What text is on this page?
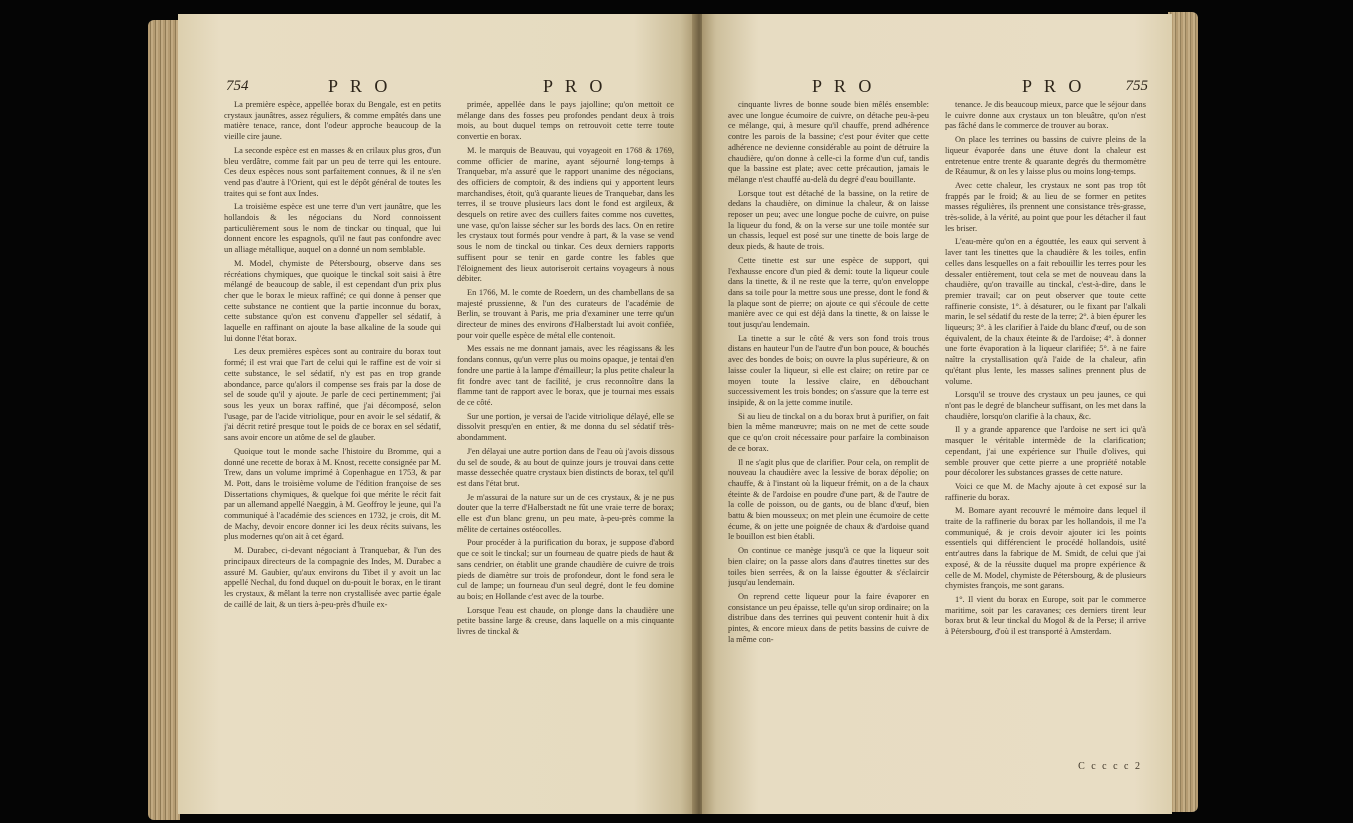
754	P R O	P R O

La première espèce, appellée borax du Bengale, est en petits crystaux jaunâtres, assez réguliers, & comme empâtés dans une matière tenace, rance, dont l'odeur approche beaucoup de la vieille cire jaune.

La seconde espèce est en masses & en crilaux plus gros, d'un bleu verdâtre, comme fait par un peu de terre qui les entoure. Ces deux espèces nous sont parfaitement connues, & il ne s'en vend pas d'autre à l'Orient, qui est le dépôt général de toutes les traites qui se font aux Indes.

La troisième espèce est une terre d'un vert jaunâtre, que les hollandois & les négocians du Nord connoissent particulièrement sous le nom de tinckar ou tinqual, que lui donnent encore les espagnols, qu'il ne faut pas confondre avec un alliage métallique, auquel on a donné un nom semblable.

M. Model, chymiste de Pétersbourg, observe dans ses récréations chymiques, que quoique le tinckal soit saisi à être mélangé de beaucoup de sable, il est cependant d'un prix plus cher que le borax le mieux raffiné; ce qui donne à penser que cette substance ne contient que la partie inconnue du borax, cette substance qu'on est convenu d'appeller sel sédatif, à laquelle en raffinant on ajoute la base alkaline de la soude qui lui donne l'état borax.

Les deux premières espèces sont au contraire du borax tout formé; il est vrai que l'art de celui qui le raffine est de voir si cette substance, le sel sédatif, n'y est pas en trop grande abondance, parce qu'alors il compense ses frais par la dose de sel de soude qu'il y ajoute. Je parle de ceci pertinemment; j'ai sous les yeux un borax raffiné, que j'ai décomposé, selon l'usage, par de l'acide vitriolique, pour en avoir le sel sédatif, & j'ai décrit retiré presque tout le poids de ce borax en sel sédatif, sans avoir encore un atôme de sel de glauber.

Quoique tout le monde sache l'histoire du Bromme, qui a donné une recette de borax à M. Knost, recette consignée par M. Trew, dans un volume imprimé à Copenhague en 1753, & par M. Pott, dans le troisième volume de l'édition françoise de ses Dissertations chymiques, & quelque foi que mérite le récit fait par un allemand appellé Naeggin, à M. Geoffroy le jeune, qui l'a communiqué à l'académie des sciences en 1732, je crois, dit M. de Machy, devoir encore donner ici les deux récits suivans, les plus modernes qu'on ait à cet égard.

M. Durabec, ci-devant négociant à Tranquebar, & l'un des principaux directeurs de la compagnie des Indes, M. Durabec a assuré M. Gaubier, qu'aux environs du Tibet il y avoit un lac appellé Nechal, du fond duquel on du-pouit le borax, en le tirant les crystaux, & mêlant la terre non crystallisée avec partie égale de caillé de lait, & un tiers à-peu-près d'huile ex-

primée, appellée dans le pays jajolline; qu'on mettoit ce mélange dans des fosses peu profondes pendant deux à trois mois, au bout duquel temps on retrouvoit cette terre toute convertie en borax.

M. le marquis de Beauvau, qui voyageoit en 1768 & 1769, comme officier de marine, ayant séjourné long-temps à Tranquebar, m'a assuré que le rapport unanime des négocians, des officiers de comptoir, & des indiens qui y apportent leurs marchandises, étoit, qu'à quarante lieues de Tranquebar, dans les terres, il se trouve plusieurs lacs dont le fond est argileux, & desquels on retire avec des cuillers faites comme nos cuvettes, une vase, qu'on laisse sécher sur les bords des lacs. On en retire les crystaux tout formés pour vendre à part, & la vase se vend sous le nom de tinckal ou tinkar. Ces deux derniers rapports suffisent pour se tenir en garde contre les fables que l'éloignement des lieux autoriseroit certains voyageurs à nous débiter.

En 1766, M. le comte de Roedern, un des chambellans de sa majesté prussienne, & l'un des curateurs de l'académie de Berlin, se trouvant à Paris, me pria d'examiner une terre qu'un directeur de mines des environs d'Halberstadt lui avoit confiée, pour voir quelle espèce de métal elle contenoit.

Mes essais ne me donnant jamais, avec les réagissans & les fondans connus, qu'un verre plus ou moins opaque, je tentai d'en fondre une partie à la lampe d'émailleur; la plus petite chaleur la fit fondre avec tant de facilité, je crus reconnoître dans la flamme tant de rapport avec le borax, que je tournai mes essais de ce côté.

Sur une portion, je versai de l'acide vitriolique délayé, elle se dissolvit presqu'en en entier, & me donna du sel sédatif très-abondamment.

J'en délayai une autre portion dans de l'eau où j'avois dissous du sel de soude, & au bout de quinze jours je trouvai dans cette masse dessechée quatre crystaux bien distincts de borax, tel qu'il est dans l'état brut.

Je m'assurai de la nature sur un de ces crystaux, & je ne pus douter que la terre d'Halberstadt ne fût une vraie terre de borax; elle est d'un blanc grenu, un peu mate, à-peu-près comme la mêlite de certaines ostéocolles.

Pour procéder à la purification du borax, je suppose d'abord que ce soit le tinckal; sur un fourneau de quatre pieds de haut & sans cendrier, on établit une grande chaudière de cuivre de trois pieds de diamètre sur trois de profondeur, dont le fond sera le cul de lampe; un fourneau d'un seul degré, dont le feu domine au bois; en Hollande c'est avec de la tourbe.

Lorsque l'eau est chaude, on plonge dans la chaudière une petite bassine large & creuse, dans laquelle on a mis cinquante livres de tinckal &

P R O	P R O	755

cinquante livres de bonne soude bien mêlés ensemble: avec une longue écumoire de cuivre, on détache peu-à-peu ce mélange, qui, à mesure qu'il chauffe, prend adhérence contre les parois de la bassine; c'est pour éviter que cette adhérence ne devienne considérable au point de détruire la chaudière, qu'on donne à celle-ci la forme d'un cuf, tandis que la bassine est plate; avec cette précaution, jamais le mélange n'est chauffé au-delà du degré d'eau bouillante.

Lorsque tout est détaché de la bassine, on la retire de dedans la chaudière, on diminue la chaleur, & on laisse reposer un peu; avec une longue poche de cuivre, on puise la liqueur du fond, & on la verse sur une toile montée sur un chassis, lequel est posé sur une tinette de bois large de deux pieds, & haute de trois.

Cette tinette est sur une espèce de support, qui l'exhausse encore d'un pied & demi: toute la liqueur coule dans la tinette, & il ne reste que la terre, qu'on enveloppe dans sa toile pour la mettre sous une presse, dont le fond & la plaque sont de pierre; on ajoute ce qui s'écoule de cette manière avec ce qui est déjà dans la tinette, & on laisse le tout jusqu'au lendemain.

La tinette a sur le côté & vers son fond trois trous distans en hauteur l'un de l'autre d'un bon pouce, & bouchés avec des bondes de bois; on ouvre la plus supérieure, & on laisse couler la liqueur, si elle est claire; on retire par ce moyen toute la lessive claire, en débouchant successivement les trois bondes; on s'assure que la terre est insipide, & on la jette comme inutile.

Si au lieu de tinckal on a du borax brut à purifier, on fait bien la même manœuvre; mais on ne met de cette soude que ce qu'on croit nécessaire pour parfaire la combinaison de ce borax.

Il ne s'agit plus que de clarifier. Pour cela, on remplit de nouveau la chaudière avec la lessive de borax dépolie; on chauffe, & à l'instant où la liqueur frémit, on a de la chaux éteinte & de l'ardoise en poudre d'une part, & de l'autre de la colle de poisson, ou de gants, ou de blanc d'œuf, bien battu & bien mousseux; on met plein une écumoire de cette écume, & on jette une poignée de chaux & d'ardoise quand le bouillon est bien établi.

On continue ce manège jusqu'à ce que la liqueur soit bien claire; on la passe alors dans d'autres tinettes sur des toiles bien serrées, & on la laisse égoutter & s'éclaircir jusqu'au lendemain.

On reprend cette liqueur pour la faire évaporer en consistance un peu épaisse, telle qu'un sirop ordinaire; on la distribue dans des terrines qui peuvent contenir huit à dix pintes, & encore mieux dans de petits bassins de cuivre de la même con-

tenance. Je dis beaucoup mieux, parce que le séjour dans le cuivre donne aux crystaux un ton bleuâtre, qu'on n'est pas fâché dans le commerce de trouver au borax.

On place les terrines ou bassins de cuivre pleins de la liqueur évaporée dans une étuve dont la chaleur est entretenue entre trente & quarante degrés du thermomètre de Réaumur, & on les y laisse plus ou moins long-temps.

Avec cette chaleur, les crystaux ne sont pas trop tôt frappés par le froid; & au lieu de se former en petites masses régulières, ils prennent une consistance très-grasse, très-solide, à la vérité, au point que pour les détacher il faut les briser.

L'eau-mère qu'on en a égouttée, les eaux qui servent à laver tant les tinettes que la chaudière & les toiles, enfin celles dans lesquelles on a fait rebouillir les terres pour les dessaler entièrement, tout cela se met de nouveau dans la chaudière, qu'on travaille au tinckal, c'est-à-dire, dans le premier travail; car on peut observer que toute cette raffinerie consiste, 1°. à désaturer, ou le fixant par l'alkali marin, le sel sédatif du reste de la terre; 2°. à bien épurer les liqueurs; 3°. à les clarifier à l'aide du blanc d'œuf, ou de son équivalent, de la chaux éteinte & de l'ardoise; 4°. à donner une forte évaporation à la liqueur clarifiée; 5°. à ne faire naître la crystallisation qu'à l'aide de la chaleur, afin qu'étant plus lente, les masses salines prennent plus de volume.

Lorsqu'il se trouve des crystaux un peu jaunes, ce qui n'ont pas le degré de blancheur suffisant, on les met dans la chaudière, lorsqu'on clarifie à la chaux, &c.

Il y a grande apparence que l'ardoise ne sert ici qu'à masquer le véritable intermède de la clarification; cependant, j'ai une expérience sur l'huile d'olives, qui semble prouver que cette pierre a une propriété notable pour décolorer les substances grasses de cette nature.

Voici ce que M. de Machy ajoute à cet exposé sur la raffinerie du borax.

M. Bomare ayant recouvré le mémoire dans lequel il traite de la raffinerie du borax par les hollandois, il me l'a communiqué, & je crois devoir ajouter ici les points essentiels qui différencient le procédé hollandois, usité entr'autres dans la fabrique de M. Smidt, de celui que j'ai exposé, & de la réussite duquel ma propre expérience & celle de M. Model, chymiste de Pétersbourg, & de plusieurs chymistes françois, me sont garans.

1°. Il vient du borax en Europe, soit par le commerce maritime, soit par les caravanes; ces derniers tirent leur borax brut & leur tinckal du Mogol & de la Perse; il arrive à Pétersbourg, d'où il est transporté à Amsterdam.

C c c c c 2
